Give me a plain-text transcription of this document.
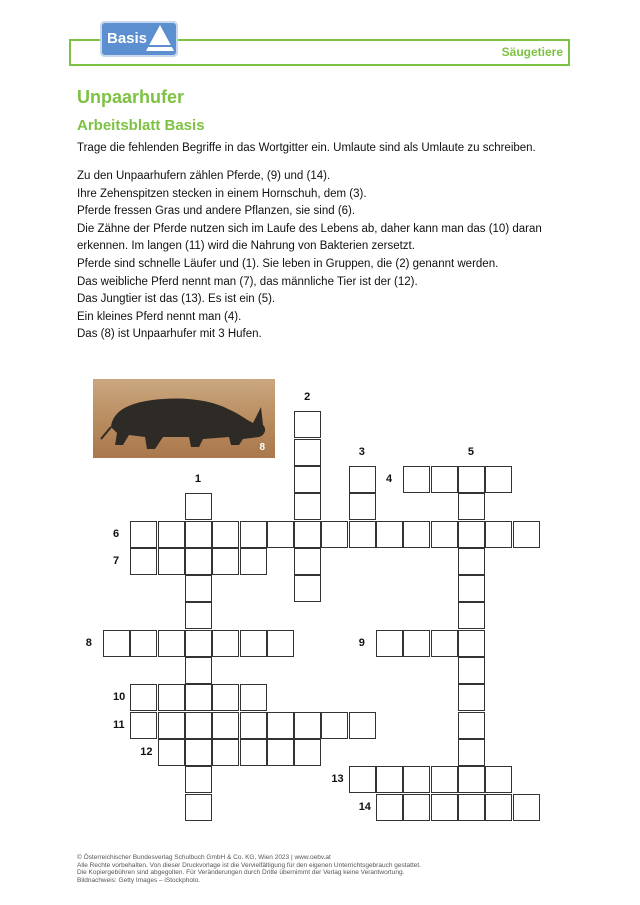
Basis
Säugetiere
Unpaarhufer
Arbeitsblatt Basis
Trage die fehlenden Begriffe in das Wortgitter ein. Umlaute sind als Umlaute zu schreiben.
Zu den Unpaarhufern zählen Pferde, (9) und (14).
Ihre Zehenspitzen stecken in einem Hornschuh, dem (3).
Pferde fressen Gras und andere Pflanzen, sie sind (6).
Die Zähne der Pferde nutzen sich im Laufe des Lebens ab, daher kann man das (10) daran
erkennen. Im langen (11) wird die Nahrung von Bakterien zersetzt.
Pferde sind schnelle Läufer und (1). Sie leben in Gruppen, die (2) genannt werden.
Das weibliche Pferd nennt man (7), das männliche Tier ist der (12).
Das Jungtier ist das (13). Es ist ein (5).
Ein kleines Pferd nennt man (4).
Das (8) ist Unpaarhufer mit 3 Hufen.
8
4
6
7
8	9
10
11
12
13
14
1
2
3	5
© Österreichischer Bundesverlag Schulbuch GmbH & Co. KG, Wien 2023 | www.oebv.at
Alle Rechte vorbehalten. Von dieser Druckvorlage ist die Vervielfältigung für den eigenen Unterrichtsgebrauch gestattet.
Die Kopiergebühren sind abgegolten. Für Veränderungen durch Dritte übernimmt der Verlag keine Verantwortung.
Bildnachweis: Getty Images – iStockphoto.
